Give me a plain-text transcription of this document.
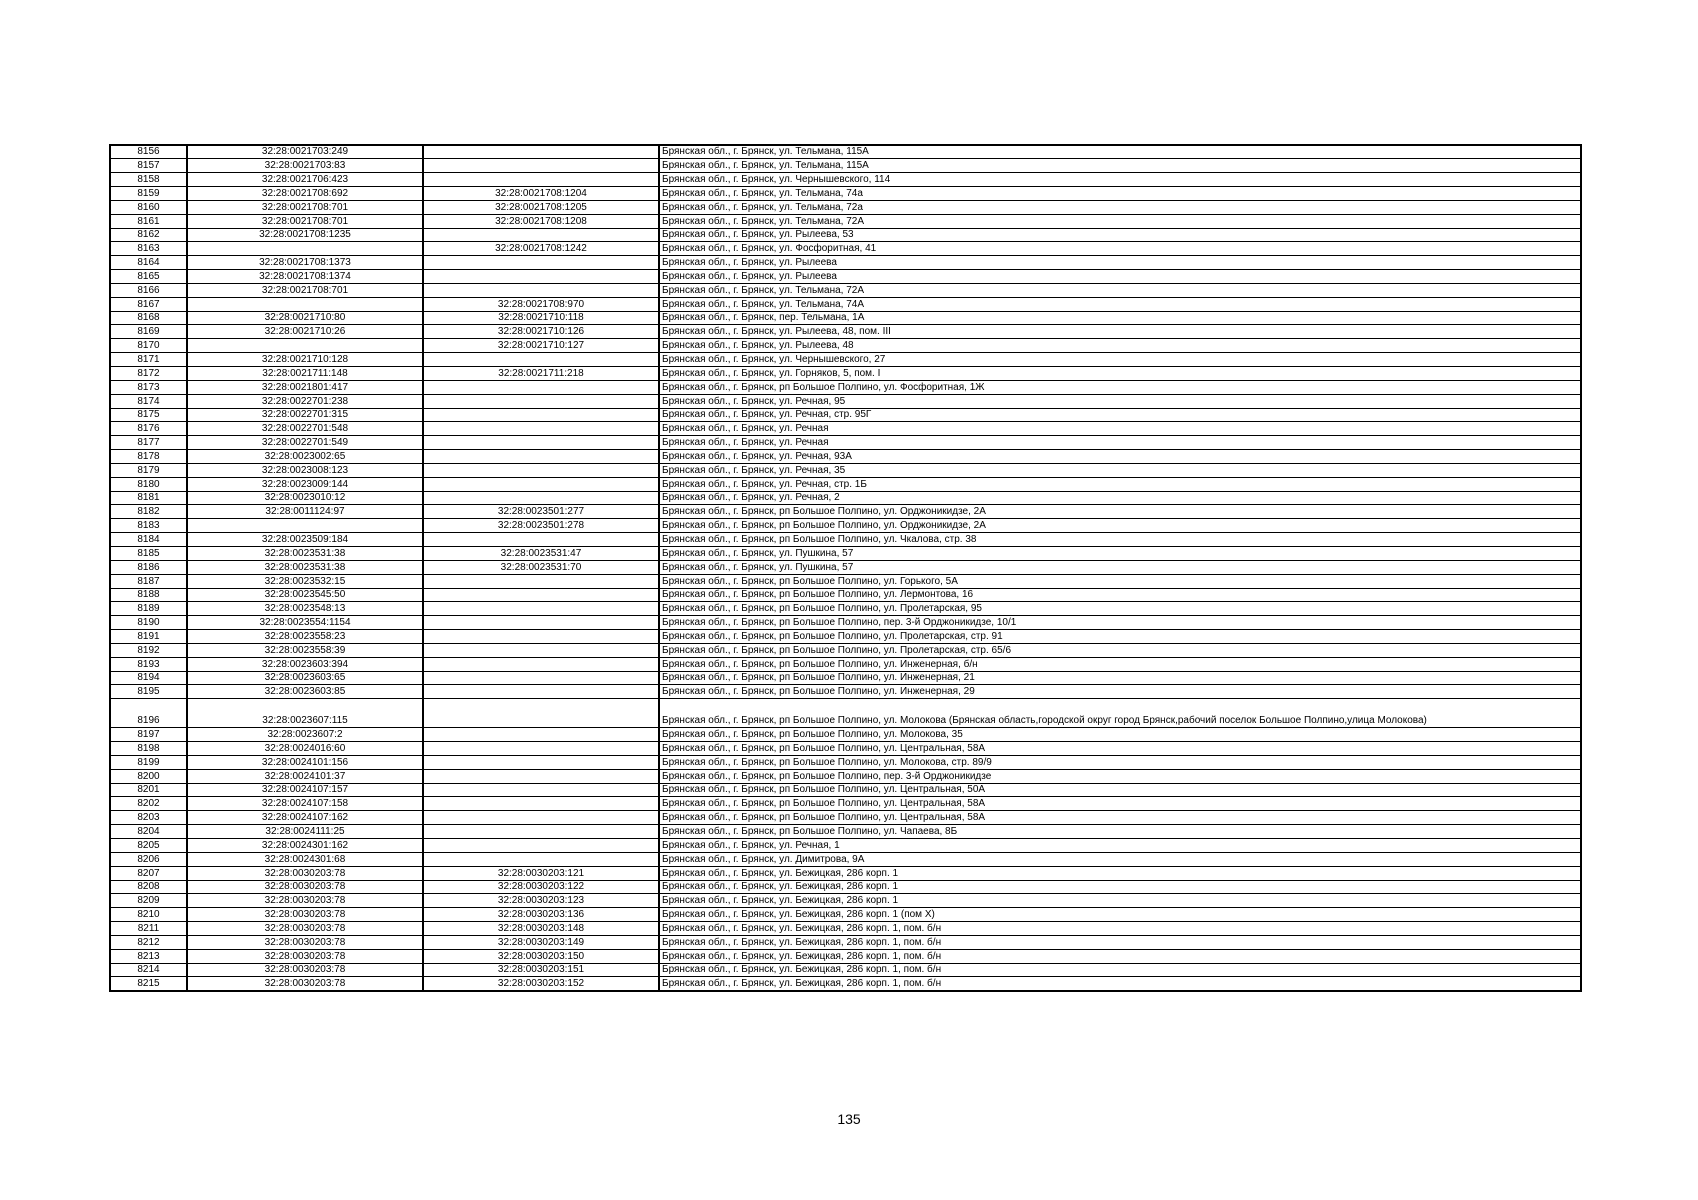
8156	32:28:0021703:249		Брянская обл., г. Брянск, ул. Тельмана, 115А
8157	32:28:0021703:83		Брянская обл., г. Брянск, ул. Тельмана, 115А
8158	32:28:0021706:423		Брянская обл., г. Брянск, ул. Чернышевского, 114
8159	32:28:0021708:692	32:28:0021708:1204	Брянская обл., г. Брянск, ул. Тельмана, 74а
8160	32:28:0021708:701	32:28:0021708:1205	Брянская обл., г. Брянск, ул. Тельмана, 72а
8161	32:28:0021708:701	32:28:0021708:1208	Брянская обл., г. Брянск, ул. Тельмана, 72А
8162	32:28:0021708:1235		Брянская обл., г. Брянск, ул. Рылеева, 53
8163		32:28:0021708:1242	Брянская обл., г. Брянск, ул. Фосфоритная, 41
8164	32:28:0021708:1373		Брянская обл., г. Брянск, ул. Рылеева
8165	32:28:0021708:1374		Брянская обл., г. Брянск, ул. Рылеева
8166	32:28:0021708:701		Брянская обл., г. Брянск, ул. Тельмана, 72А
8167		32:28:0021708:970	Брянская обл., г. Брянск, ул. Тельмана, 74А
8168	32:28:0021710:80	32:28:0021710:118	Брянская обл., г. Брянск, пер. Тельмана, 1А
8169	32:28:0021710:26	32:28:0021710:126	Брянская обл., г. Брянск, ул. Рылеева, 48, пом. III
8170		32:28:0021710:127	Брянская обл., г. Брянск, ул. Рылеева, 48
8171	32:28:0021710:128		Брянская обл., г. Брянск, ул. Чернышевского, 27
8172	32:28:0021711:148	32:28:0021711:218	Брянская обл., г. Брянск, ул. Горняков, 5, пом. I
8173	32:28:0021801:417		Брянская обл., г. Брянск, рп Большое Полпино, ул. Фосфоритная, 1Ж
8174	32:28:0022701:238		Брянская обл., г. Брянск, ул. Речная, 95
8175	32:28:0022701:315		Брянская обл., г. Брянск, ул. Речная, стр. 95Г
8176	32:28:0022701:548		Брянская обл., г. Брянск, ул. Речная
8177	32:28:0022701:549		Брянская обл., г. Брянск, ул. Речная
8178	32:28:0023002:65		Брянская обл., г. Брянск, ул. Речная, 93А
8179	32:28:0023008:123		Брянская обл., г. Брянск, ул. Речная, 35
8180	32:28:0023009:144		Брянская обл., г. Брянск, ул. Речная, стр. 1Б
8181	32:28:0023010:12		Брянская обл., г. Брянск, ул. Речная, 2
8182	32:28:0011124:97	32:28:0023501:277	Брянская обл., г. Брянск, рп Большое Полпино, ул. Орджоникидзе, 2А
8183		32:28:0023501:278	Брянская обл., г. Брянск, рп Большое Полпино, ул. Орджоникидзе, 2А
8184	32:28:0023509:184		Брянская обл., г. Брянск, рп Большое Полпино, ул. Чкалова, стр. 38
8185	32:28:0023531:38	32:28:0023531:47	Брянская обл., г. Брянск, ул. Пушкина, 57
8186	32:28:0023531:38	32:28:0023531:70	Брянская обл., г. Брянск, ул. Пушкина, 57
8187	32:28:0023532:15		Брянская обл., г. Брянск, рп Большое Полпино, ул. Горького, 5А
8188	32:28:0023545:50		Брянская обл., г. Брянск, рп Большое Полпино, ул. Лермонтова, 16
8189	32:28:0023548:13		Брянская обл., г. Брянск, рп Большое Полпино, ул. Пролетарская, 95
8190	32:28:0023554:1154		Брянская обл., г. Брянск, рп Большое Полпино, пер. 3-й Орджоникидзе, 10/1
8191	32:28:0023558:23		Брянская обл., г. Брянск, рп Большое Полпино, ул. Пролетарская, стр. 91
8192	32:28:0023558:39		Брянская обл., г. Брянск, рп Большое Полпино, ул. Пролетарская, стр. 65/6
8193	32:28:0023603:394		Брянская обл., г. Брянск, рп Большое Полпино, ул. Инженерная, б/н
8194	32:28:0023603:65		Брянская обл., г. Брянск, рп Большое Полпино, ул. Инженерная, 21
8195	32:28:0023603:85		Брянская обл., г. Брянск, рп Большое Полпино, ул. Инженерная, 29
8196	32:28:0023607:115		Брянская обл., г. Брянск, рп Большое Полпино, ул. Молокова (Брянская область,городской округ город Брянск,рабочий поселок Большое Полпино,улица Молокова)
8197	32:28:0023607:2		Брянская обл., г. Брянск, рп Большое Полпино, ул. Молокова, 35
8198	32:28:0024016:60		Брянская обл., г. Брянск, рп Большое Полпино, ул. Центральная, 58А
8199	32:28:0024101:156		Брянская обл., г. Брянск, рп Большое Полпино, ул. Молокова, стр. 89/9
8200	32:28:0024101:37		Брянская обл., г. Брянск, рп Большое Полпино, пер. 3-й Орджоникидзе
8201	32:28:0024107:157		Брянская обл., г. Брянск, рп Большое Полпино, ул. Центральная, 50А
8202	32:28:0024107:158		Брянская обл., г. Брянск, рп Большое Полпино, ул. Центральная, 58А
8203	32:28:0024107:162		Брянская обл., г. Брянск, рп Большое Полпино, ул. Центральная, 58А
8204	32:28:0024111:25		Брянская обл., г. Брянск, рп Большое Полпино, ул. Чапаева, 8Б
8205	32:28:0024301:162		Брянская обл., г. Брянск, ул. Речная, 1
8206	32:28:0024301:68		Брянская обл., г. Брянск, ул. Димитрова, 9А
8207	32:28:0030203:78	32:28:0030203:121	Брянская обл., г. Брянск, ул. Бежицкая, 286 корп. 1
8208	32:28:0030203:78	32:28:0030203:122	Брянская обл., г. Брянск, ул. Бежицкая, 286 корп. 1
8209	32:28:0030203:78	32:28:0030203:123	Брянская обл., г. Брянск, ул. Бежицкая, 286 корп. 1
8210	32:28:0030203:78	32:28:0030203:136	Брянская обл., г. Брянск, ул. Бежицкая, 286 корп. 1 (пом X)
8211	32:28:0030203:78	32:28:0030203:148	Брянская обл., г. Брянск, ул. Бежицкая, 286 корп. 1, пом. б/н
8212	32:28:0030203:78	32:28:0030203:149	Брянская обл., г. Брянск, ул. Бежицкая, 286 корп. 1, пом. б/н
8213	32:28:0030203:78	32:28:0030203:150	Брянская обл., г. Брянск, ул. Бежицкая, 286 корп. 1, пом. б/н
8214	32:28:0030203:78	32:28:0030203:151	Брянская обл., г. Брянск, ул. Бежицкая, 286 корп. 1, пом. б/н
8215	32:28:0030203:78	32:28:0030203:152	Брянская обл., г. Брянск, ул. Бежицкая, 286 корп. 1, пом. б/н
135
